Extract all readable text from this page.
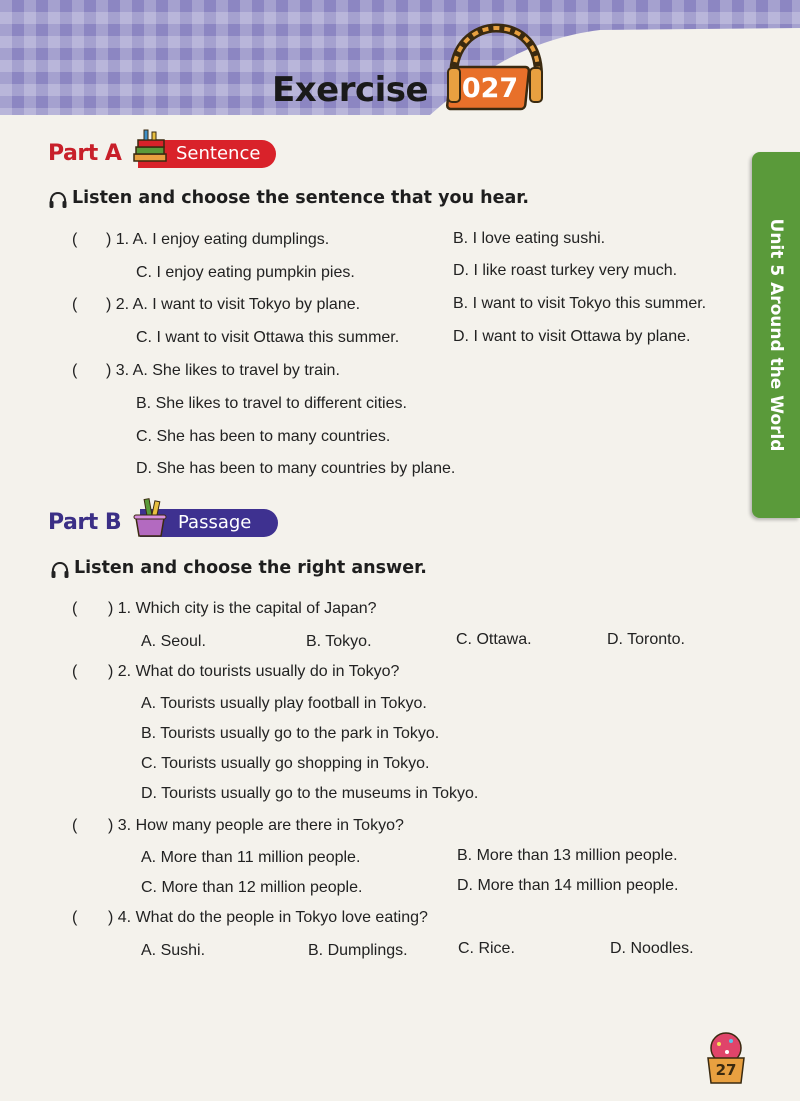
Exercise 027
Unit 5 Around the World
Part A	Sentence
Listen and choose the sentence that you hear.
( ) 1. A. I enjoy eating dumplings.	B. I love eating sushi.
C. I enjoy eating pumpkin pies.	D. I like roast turkey very much.
( ) 2. A. I want to visit Tokyo by plane.	B. I want to visit Tokyo this summer.
C. I want to visit Ottawa this summer.	D. I want to visit Ottawa by plane.
( ) 3. A. She likes to travel by train.
B. She likes to travel to different cities.
C. She has been to many countries.
D. She has been to many countries by plane.
Part B	Passage
Listen and choose the right answer.
( ) 1. Which city is the capital of Japan?
A. Seoul.	B. Tokyo.	C. Ottawa.	D. Toronto.
( ) 2. What do tourists usually do in Tokyo?
A. Tourists usually play football in Tokyo.
B. Tourists usually go to the park in Tokyo.
C. Tourists usually go shopping in Tokyo.
D. Tourists usually go to the museums in Tokyo.
( ) 3. How many people are there in Tokyo?
A. More than 11 million people.	B. More than 13 million people.
C. More than 12 million people.	D. More than 14 million people.
( ) 4. What do the people in Tokyo love eating?
A. Sushi.	B. Dumplings.	C. Rice.	D. Noodles.
27
